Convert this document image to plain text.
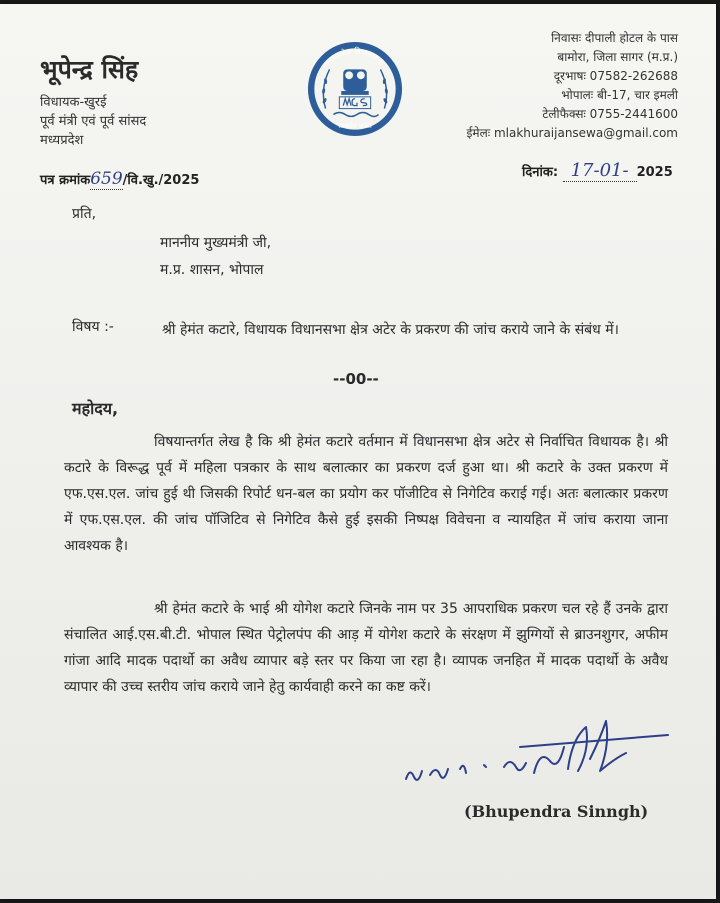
भूपेन्द्र सिंह
विधायक-खुरई
पूर्व मंत्री एवं पूर्व सांसद
मध्यप्रदेश
मध्यप्रदेश विधानसभा
सत्यमेव जयते
निवासः दीपाली होटल के पास
बामोरा, जिला सागर (म.प्र.)
दूरभाषः 07582-262688
भोपालः बी-17, चार इमली
टेलीफैक्सः 0755-2441600
ईमेलः mlakhuraijansewa@gmail.com
पत्र क्रमांक659/वि.खु./2025
दिनांक: 17-01- 2025
प्रति,
माननीय मुख्यमंत्री जी,
म.प्र. शासन, भोपाल
विषय :-	श्री हेमंत कटारे, विधायक विधानसभा क्षेत्र अटेर के प्रकरण की जांच कराये जाने के संबंध में।
--00--
महोदय,
विषयान्तर्गत लेख है कि श्री हेमंत कटारे वर्तमान में विधानसभा क्षेत्र अटेर से निर्वाचित विधायक है। श्री कटारे के विरूद्ध पूर्व में महिला पत्रकार के साथ बलात्कार का प्रकरण दर्ज हुआ था। श्री कटारे के उक्त प्रकरण में एफ.एस.एल. जांच हुई थी जिसकी रिपोर्ट धन-बल का प्रयोग कर पॉजीटिव से निगेटिव कराई गई। अतः बलात्कार प्रकरण में एफ.एस.एल. की जांच पॉजिटिव से निगेटिव कैसे हुई इसकी निष्पक्ष विवेचना व न्यायहित में जांच कराया जाना आवश्यक है।
श्री हेमंत कटारे के भाई श्री योगेश कटारे जिनके नाम पर 35 आपराधिक प्रकरण चल रहे हैं उनके द्वारा संचालित आई.एस.बी.टी. भोपाल स्थित पेट्रोलपंप की आड़ में योगेश कटारे के संरक्षण में झुग्गियों से ब्राउनशुगर, अफीम गांजा आदि मादक पदार्थो का अवैध व्यापार बड़े स्तर पर किया जा रहा है। व्यापक जनहित में मादक पदार्थो के अवैध व्यापार की उच्च स्तरीय जांच कराये जाने हेतु कार्यवाही करने का कष्ट करें।
(Bhupendra Sinngh)
